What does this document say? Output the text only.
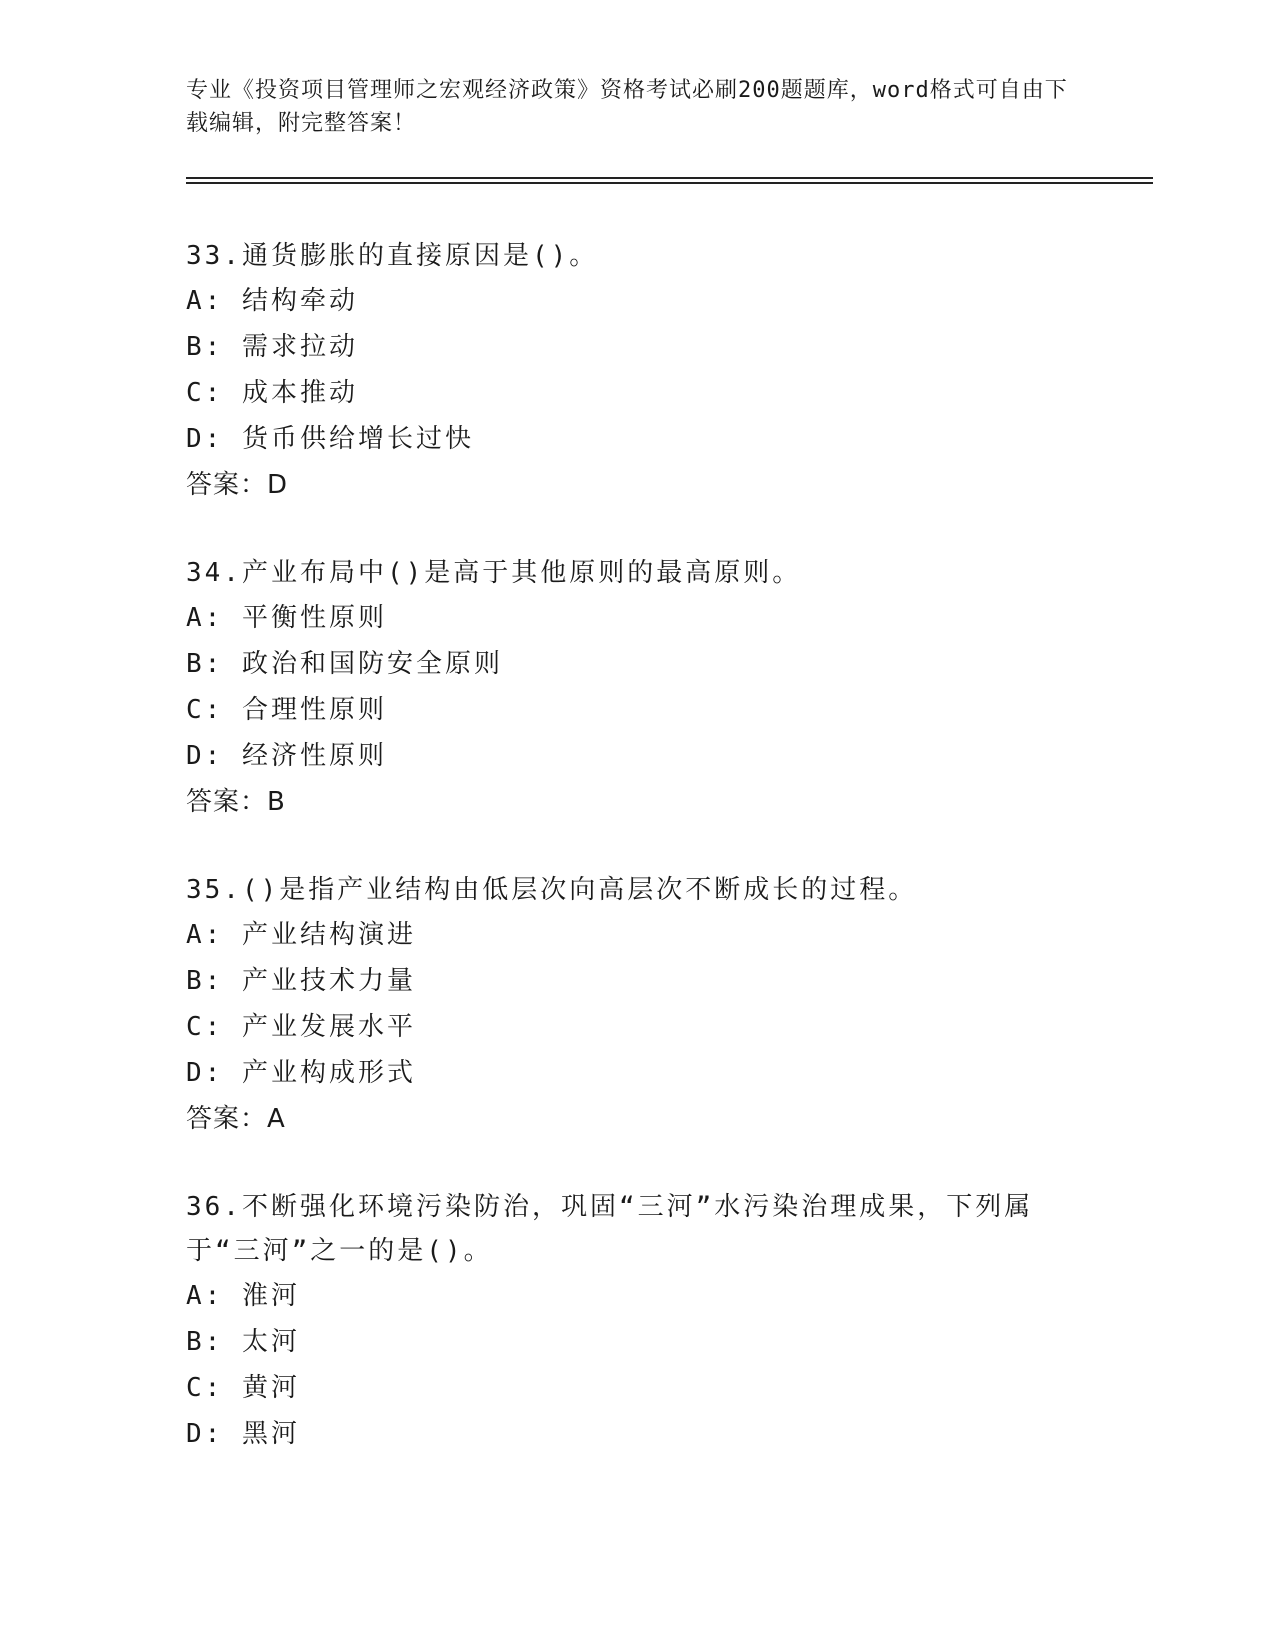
专业《投资项目管理师之宏观经济政策》资格考试必刷200题题库，word格式可自由下载编辑，附完整答案！
33.通货膨胀的直接原因是()。
A: 结构牵动
B: 需求拉动
C: 成本推动
D: 货币供给增长过快
答案：D
34.产业布局中()是高于其他原则的最高原则。
A: 平衡性原则
B: 政治和国防安全原则
C: 合理性原则
D: 经济性原则
答案：B
35.()是指产业结构由低层次向高层次不断成长的过程。
A: 产业结构演进
B: 产业技术力量
C: 产业发展水平
D: 产业构成形式
答案：A
36.不断强化环境污染防治，巩固“三河”水污染治理成果，下列属于“三河”之一的是()。
A: 淮河
B: 太河
C: 黄河
D: 黑河
